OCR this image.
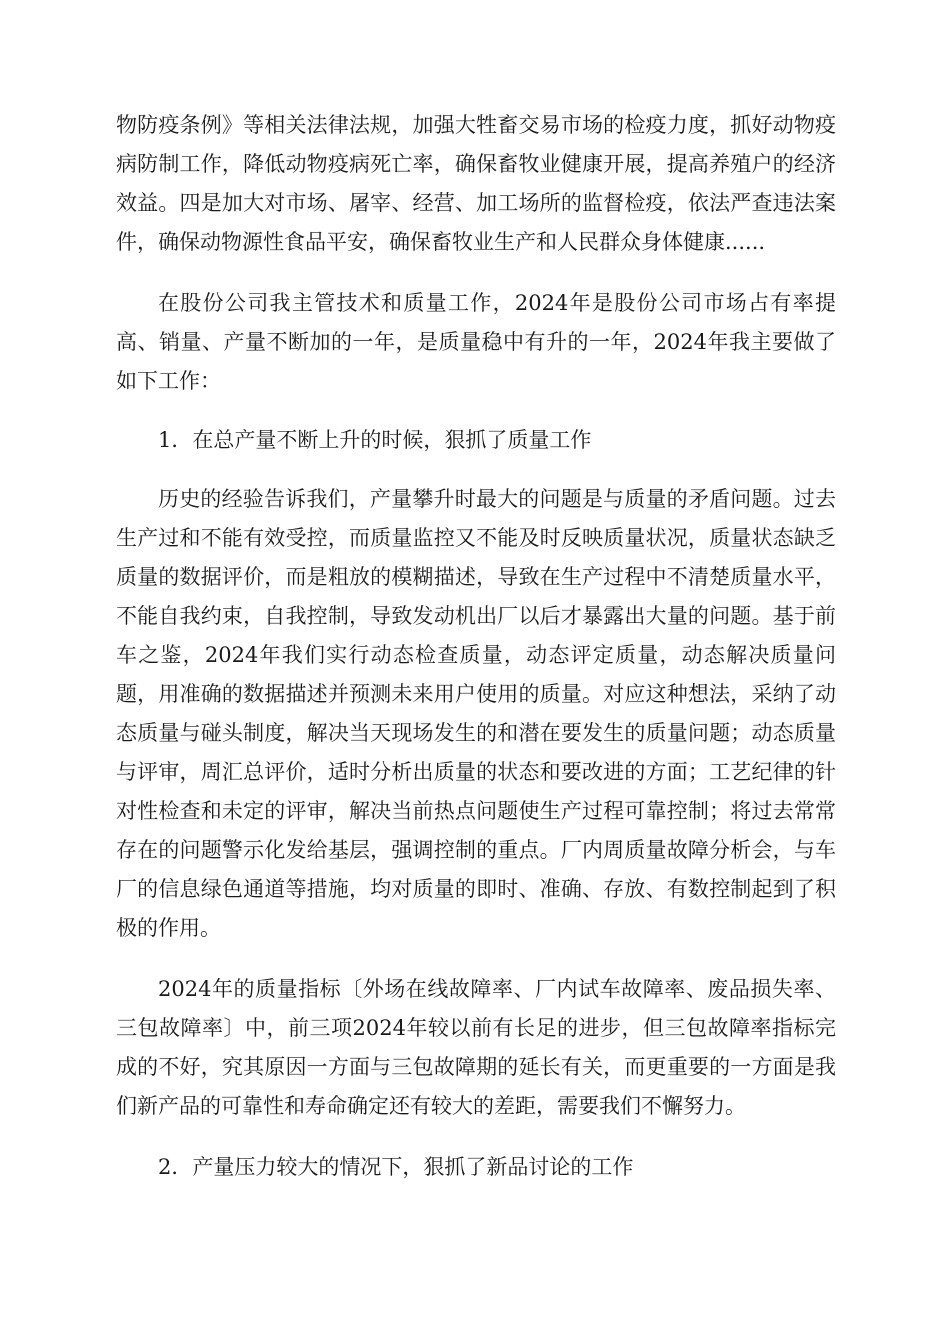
物防疫条例》等相关法律法规，加强大牲畜交易市场的检疫力度，抓好动物疫病防制工作，降低动物疫病死亡率，确保畜牧业健康开展，提高养殖户的经济效益。四是加大对市场、屠宰、经营、加工场所的监督检疫，依法严查违法案件，确保动物源性食品平安，确保畜牧业生产和人民群众身体健康......

在股份公司我主管技术和质量工作，2024年是股份公司市场占有率提高、销量、产量不断加的一年，是质量稳中有升的一年，2024年我主要做了如下工作：

1．在总产量不断上升的时候，狠抓了质量工作

历史的经验告诉我们，产量攀升时最大的问题是与质量的矛盾问题。过去生产过和不能有效受控，而质量监控又不能及时反映质量状况，质量状态缺乏质量的数据评价，而是粗放的模糊描述，导致在生产过程中不清楚质量水平，不能自我约束，自我控制，导致发动机出厂以后才暴露出大量的问题。基于前车之鉴，2024年我们实行动态检查质量，动态评定质量，动态解决质量问题，用准确的数据描述并预测未来用户使用的质量。对应这种想法，采纳了动态质量与碰头制度，解决当天现场发生的和潜在要发生的质量问题；动态质量与评审，周汇总评价，适时分析出质量的状态和要改进的方面；工艺纪律的针对性检查和未定的评审，解决当前热点问题使生产过程可靠控制；将过去常常存在的问题警示化发给基层，强调控制的重点。厂内周质量故障分析会，与车厂的信息绿色通道等措施，均对质量的即时、准确、存放、有数控制起到了积极的作用。

2024年的质量指标〔外场在线故障率、厂内试车故障率、废品损失率、三包故障率〕中，前三项2024年较以前有长足的进步，但三包故障率指标完成的不好，究其原因一方面与三包故障期的延长有关，而更重要的一方面是我们新产品的可靠性和寿命确定还有较大的差距，需要我们不懈努力。

2．产量压力较大的情况下，狠抓了新品讨论的工作
